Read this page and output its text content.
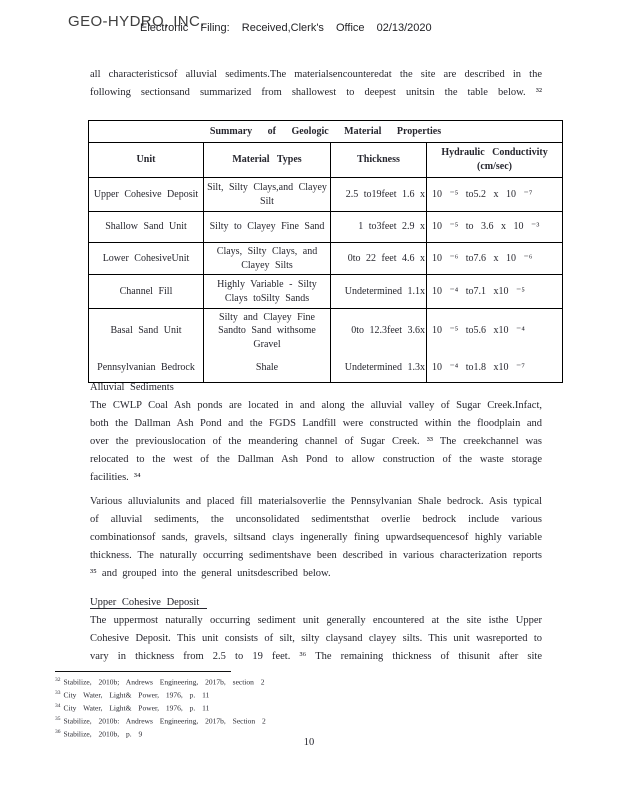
GEO-HYDRO, INC.
Electronic Filing: Received,Clerk's Office 02/13/2020
all characteristicsof alluvial sediments.The materialsencounteredat the site are described in the following sectionsand summarized from shallowest to deepest unitsin the table below. ³²
Summary of Geologic Material Properties			
Unit	Material Types	Thickness	Hydraulic Conductivity (cm/sec)
Upper Cohesive Deposit	Silt, Silty Clays,and Clayey Silt	2.5 to19feet 1.6 x	10 ⁻⁵ to5.2 x 10 ⁻⁷
Shallow Sand Unit	Silty to Clayey Fine Sand	1 to3feet 2.9 x	10 ⁻⁵ to 3.6 x 10 ⁻³
Lower CohesiveUnit	Clays, Silty Clays, and Clayey Silts	0to 22 feet 4.6 x	10 ⁻⁶ to7.6 x 10 ⁻⁶
Channel Fill	Highly Variable - Silty Clays toSilty Sands	Undetermined 1.1x	10 ⁻⁴ to7.1 x10 ⁻⁵
Basal Sand Unit	Silty and Clayey Fine Sandto Sand withsome Gravel	0to 12.3feet 3.6x	10 ⁻⁵ to5.6 x10 ⁻⁴
Pennsylvanian Bedrock	Shale	Undetermined 1.3x	10 ⁻⁴ to1.8 x10 ⁻⁷
Alluvial Sediments
The CWLP Coal Ash ponds are located in and along the alluvial valley of Sugar Creek.Infact, both the Dallman Ash Pond and the FGDS Landfill were constructed within the floodplain and over the previouslocation of the meandering channel of Sugar Creek. ³³ The creekchannel was relocated to the west of the Dallman Ash Pond to allow construction of the waste storage facilities. ³⁴
Various alluvialunits and placed fill materialsoverlie the Pennsylvanian Shale bedrock. Asis typical of alluvial sediments, the unconsolidated sedimentsthat overlie bedrock include various combinationsof sands, gravels, siltsand clays ingenerally fining upwardsequencesof highly variable thickness. The naturally occurring sedimentshave been described in various characterization reports ³⁵ and grouped into the general unitsdescribed below.
Upper Cohesive Deposit
The uppermost naturally occurring sediment unit generally encountered at the site isthe Upper Cohesive Deposit. This unit consists of silt, silty claysand clayey silts. This unit wasreported to vary in thickness from 2.5 to 19 feet. ³⁶ The remaining thickness of thisunit after site
$^{32}$ Stabilize, 2010b; Andrews Engineering, 2017b, section 2
$^{33}$ City Water, Light& Power, 1976, p. 11
$^{34}$ City Water, Light& Power, 1976, p. 11
$^{35}$ Stabilize, 2010b: Andrews Engineering, 2017b, Section 2
$^{36}$ Stabilize, 2010b, p. 9
10
